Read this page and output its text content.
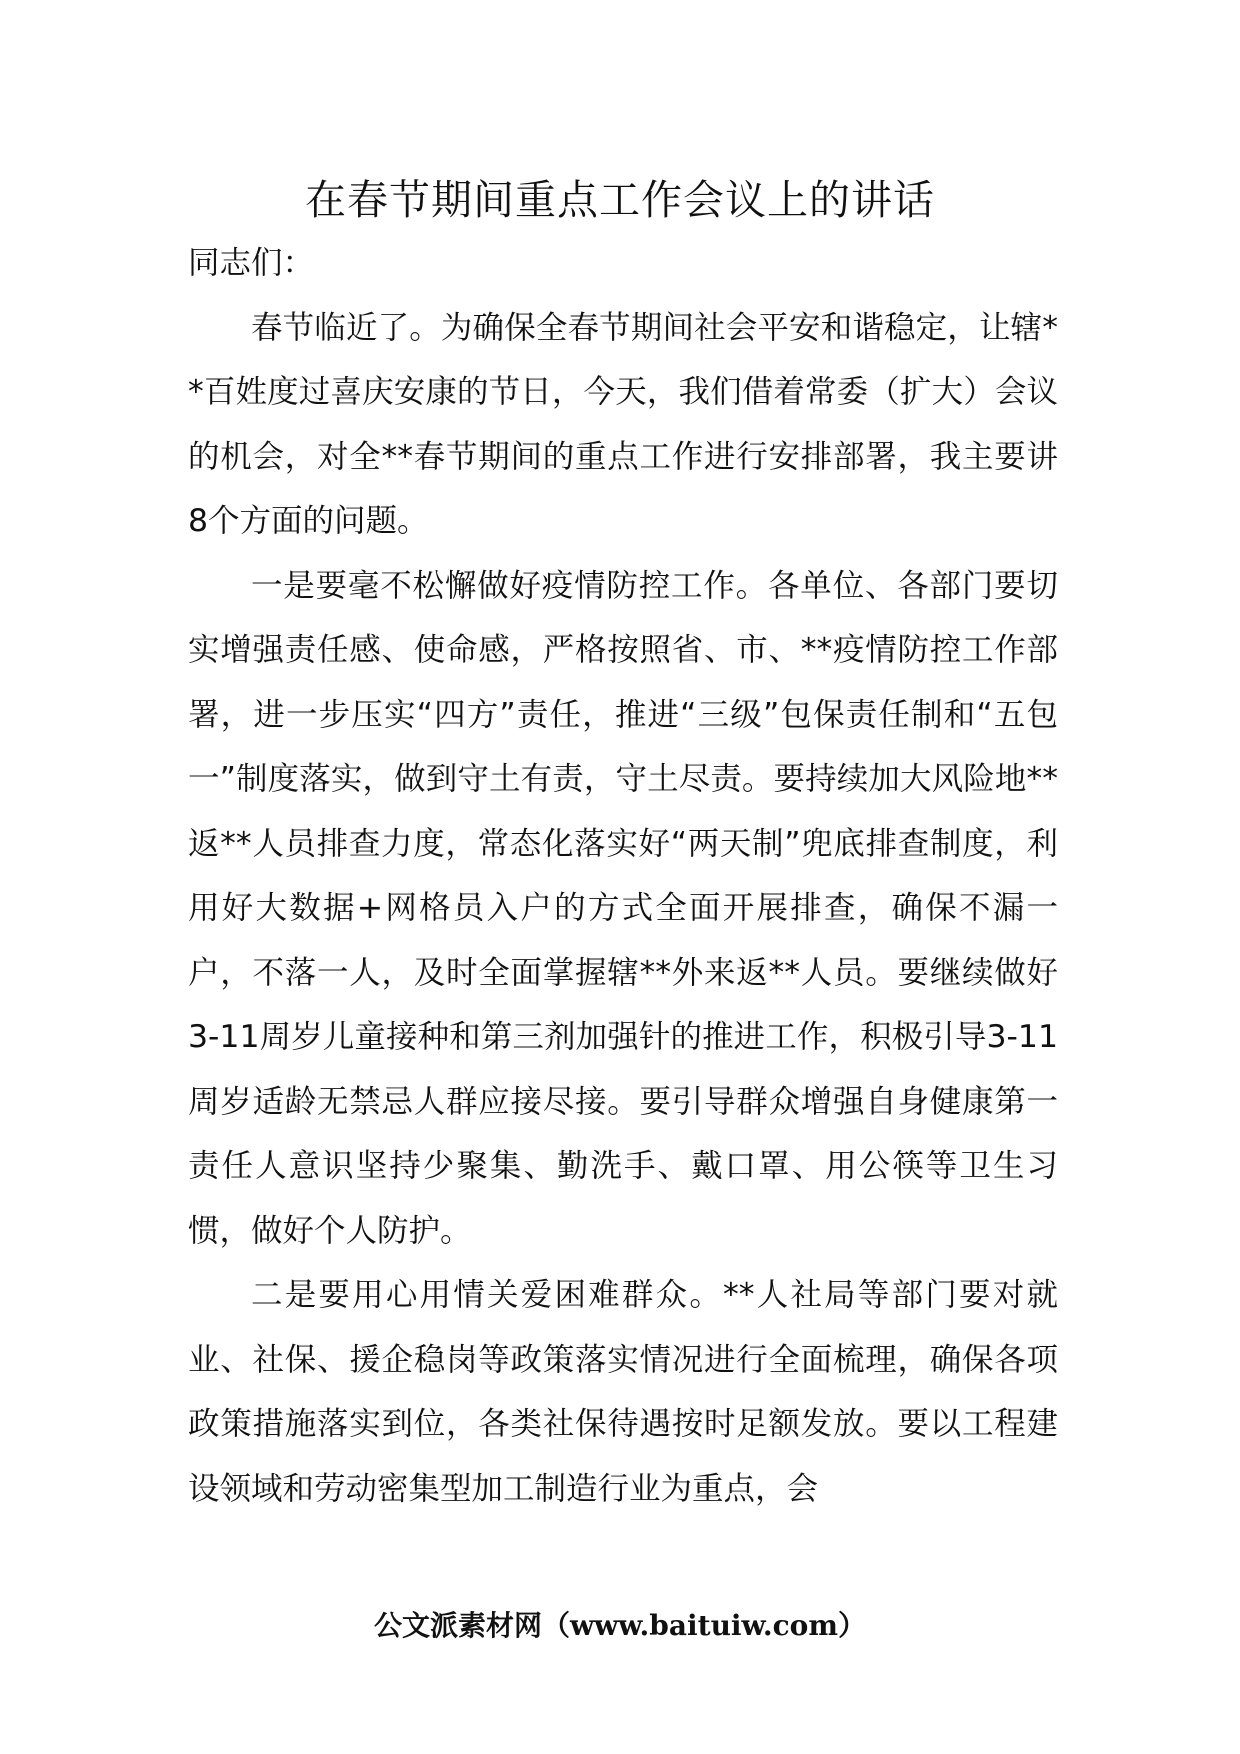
在春节期间重点工作会议上的讲话

同志们：

春节临近了。为确保全春节期间社会平安和谐稳定，让辖**百姓度过喜庆安康的节日，今天，我们借着常委（扩大）会议的机会，对全**春节期间的重点工作进行安排部署，我主要讲8个方面的问题。

一是要毫不松懈做好疫情防控工作。各单位、各部门要切实增强责任感、使命感，严格按照省、市、**疫情防控工作部署，进一步压实“四方”责任，推进“三级”包保责任制和“五包一”制度落实，做到守土有责，守土尽责。要持续加大风险地**返**人员排查力度，常态化落实好“两天制”兜底排查制度，利用好大数据+网格员入户的方式全面开展排查，确保不漏一户，不落一人，及时全面掌握辖**外来返**人员。要继续做好3-11周岁儿童接种和第三剂加强针的推进工作，积极引导3-11周岁适龄无禁忌人群应接尽接。要引导群众增强自身健康第一责任人意识坚持少聚集、勤洗手、戴口罩、用公筷等卫生习惯，做好个人防护。

二是要用心用情关爱困难群众。**人社局等部门要对就业、社保、援企稳岗等政策落实情况进行全面梳理，确保各项政策措施落实到位，各类社保待遇按时足额发放。要以工程建设领域和劳动密集型加工制造行业为重点，会

公文派素材网（www.baituiw.com）
